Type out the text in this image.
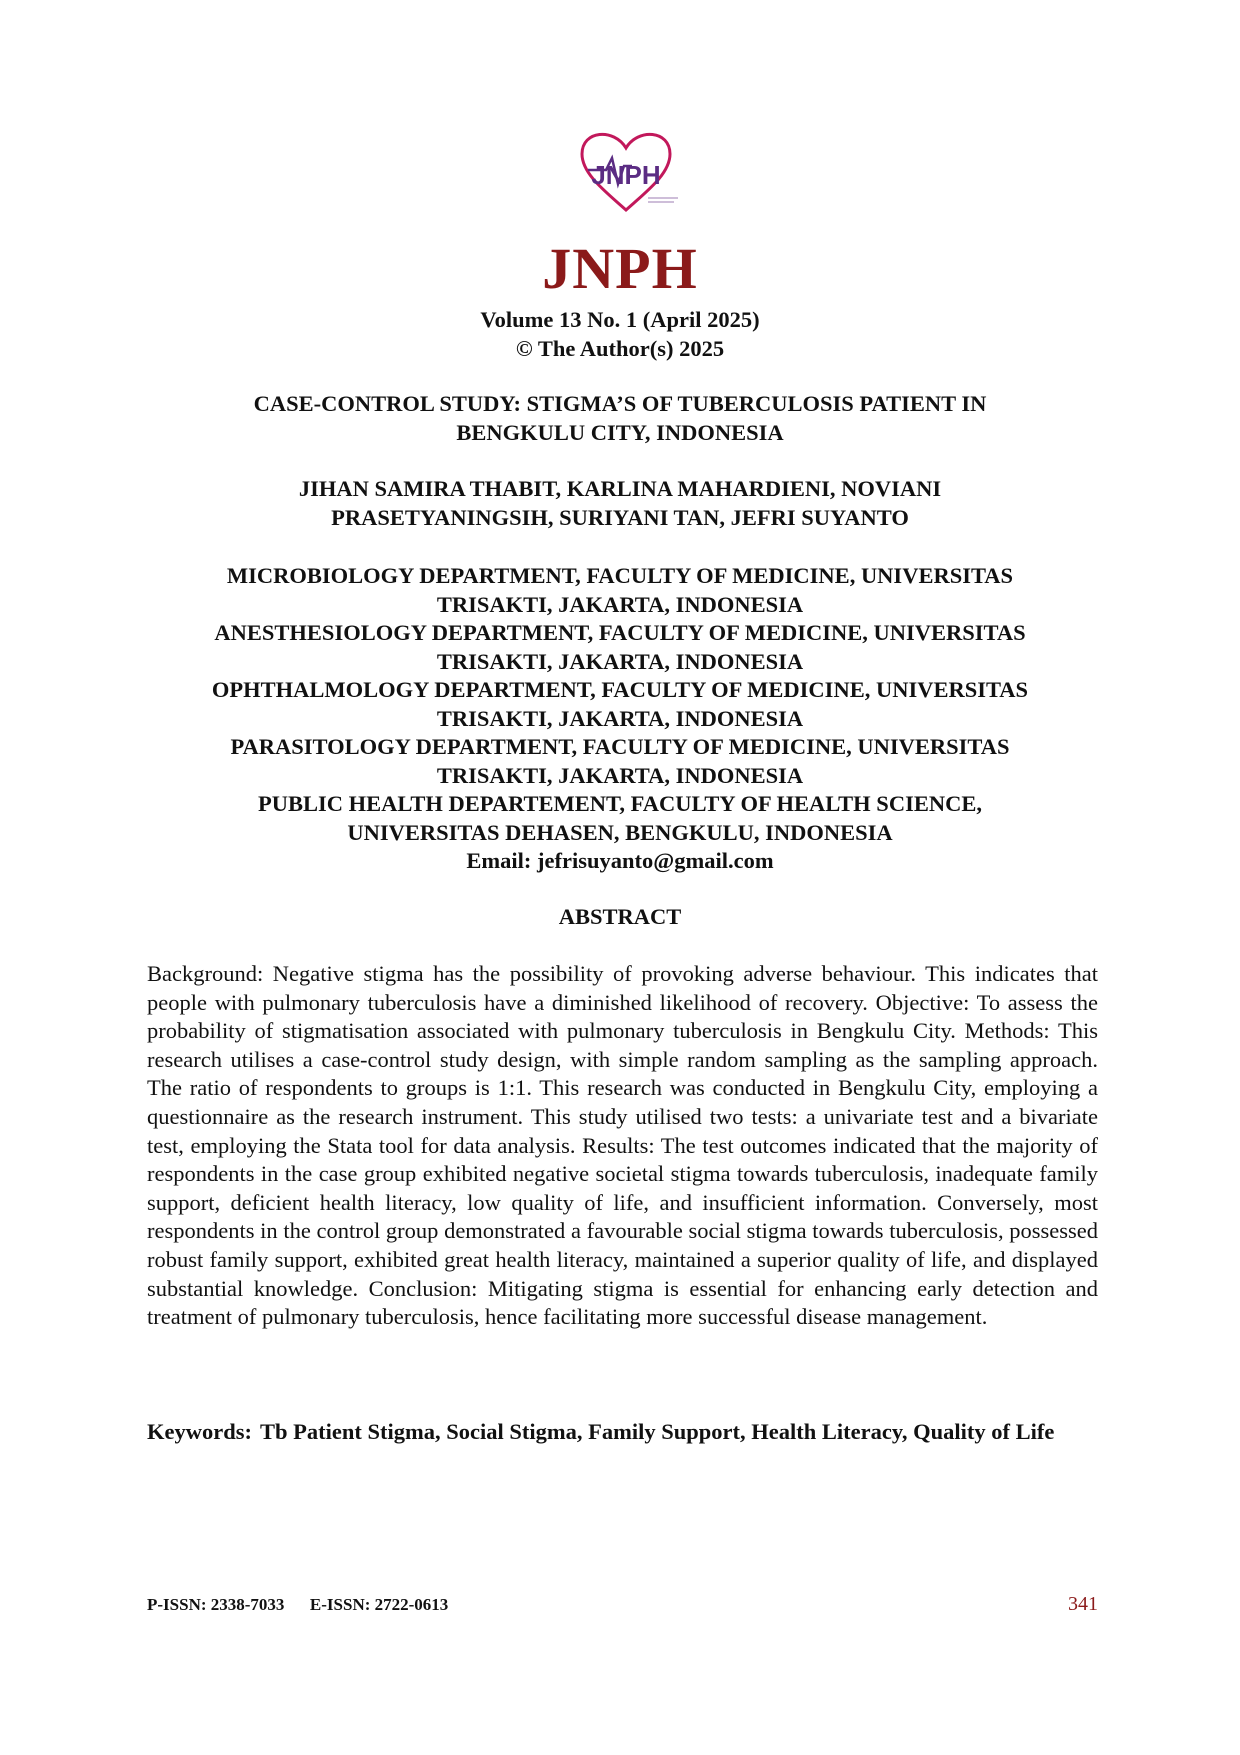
JNPH
JNPH
Volume 13 No. 1 (April 2025)
© The Author(s) 2025
CASE-CONTROL STUDY: STIGMA’S OF TUBERCULOSIS PATIENT IN
BENGKULU CITY, INDONESIA
JIHAN SAMIRA THABIT, KARLINA MAHARDIENI, NOVIANI
PRASETYANINGSIH, SURIYANI TAN, JEFRI SUYANTO
MICROBIOLOGY DEPARTMENT, FACULTY OF MEDICINE, UNIVERSITAS
TRISAKTI, JAKARTA, INDONESIA
ANESTHESIOLOGY DEPARTMENT, FACULTY OF MEDICINE, UNIVERSITAS
TRISAKTI, JAKARTA, INDONESIA
OPHTHALMOLOGY DEPARTMENT, FACULTY OF MEDICINE, UNIVERSITAS
TRISAKTI, JAKARTA, INDONESIA
PARASITOLOGY DEPARTMENT, FACULTY OF MEDICINE, UNIVERSITAS
TRISAKTI, JAKARTA, INDONESIA
PUBLIC HEALTH DEPARTEMENT, FACULTY OF HEALTH SCIENCE,
UNIVERSITAS DEHASEN, BENGKULU, INDONESIA
Email: jefrisuyanto@gmail.com
ABSTRACT
Background: Negative stigma has the possibility of provoking adverse behaviour. This indicates that people with pulmonary tuberculosis have a diminished likelihood of recovery. Objective: To assess the probability of stigmatisation associated with pulmonary tuberculosis in Bengkulu City. Methods: This research utilises a case-control study design, with simple random sampling as the sampling approach. The ratio of respondents to groups is 1:1. This research was conducted in Bengkulu City, employing a questionnaire as the research instrument. This study utilised two tests: a univariate test and a bivariate test, employing the Stata tool for data analysis. Results: The test outcomes indicated that the majority of respondents in the case group exhibited negative societal stigma towards tuberculosis, inadequate family support, deficient health literacy, low quality of life, and insufficient information. Conversely, most respondents in the control group demonstrated a favourable social stigma towards tuberculosis, possessed robust family support, exhibited great health literacy, maintained a superior quality of life, and displayed substantial knowledge. Conclusion: Mitigating stigma is essential for enhancing early detection and treatment of pulmonary tuberculosis, hence facilitating more successful disease management.
Keywords: Tb Patient Stigma, Social Stigma, Family Support, Health Literacy, Quality of Life
P-ISSN: 2338-7033 E-ISSN: 2722-0613	341
